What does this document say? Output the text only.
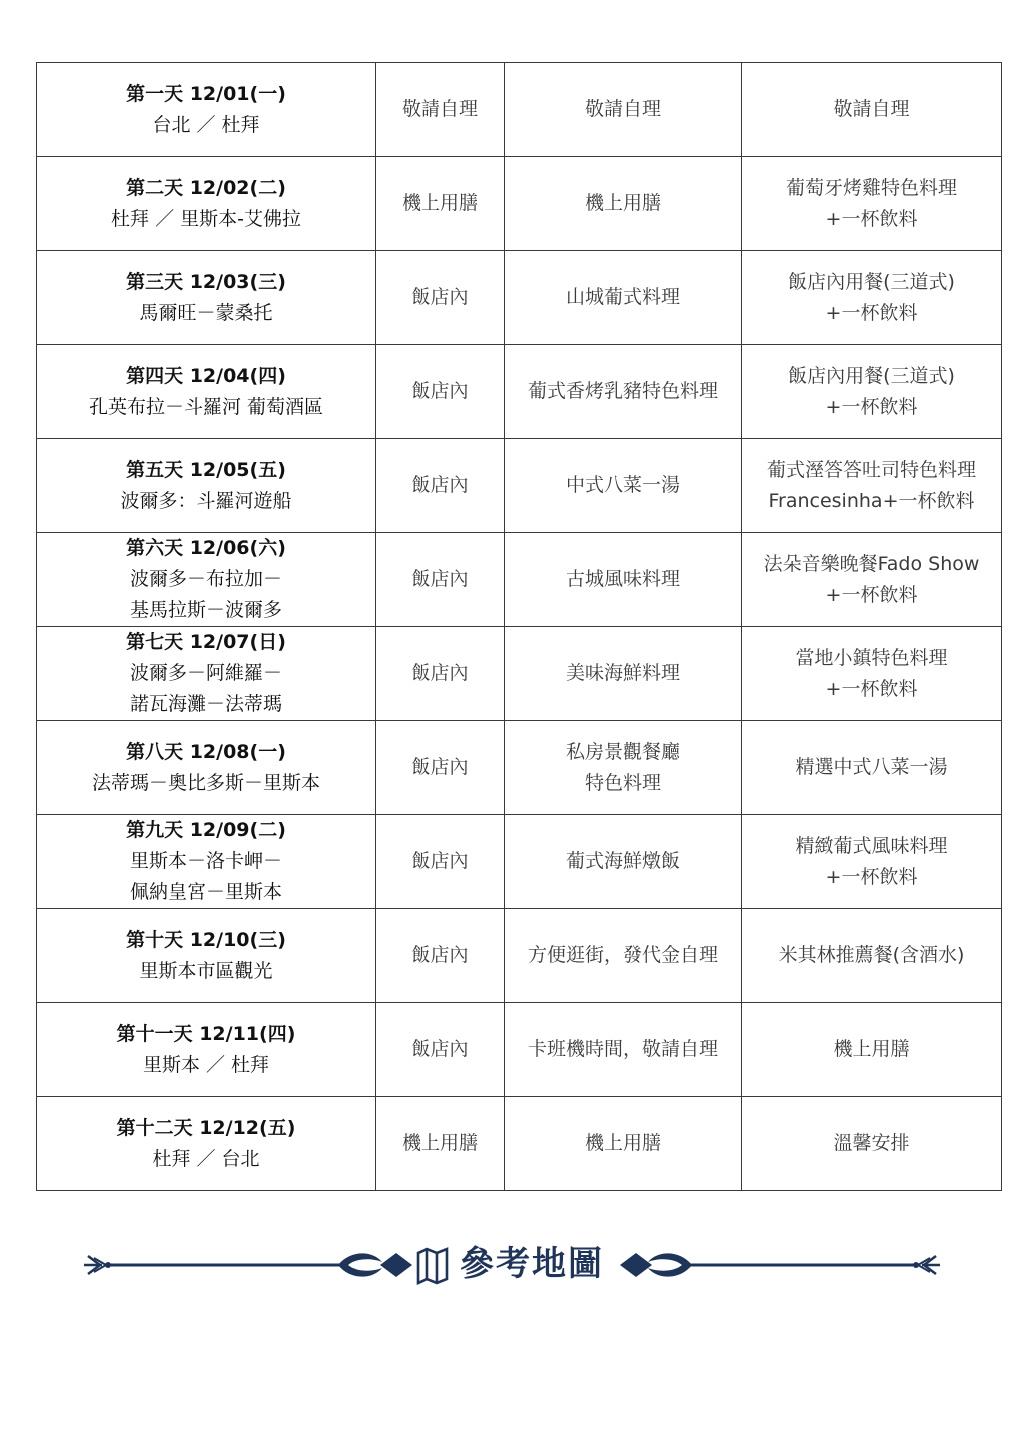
第一天 12/01(一)
台北 ／ 杜拜	敬請自理	敬請自理	敬請自理

第二天 12/02(二)
杜拜 ／ 里斯本-艾佛拉	機上用膳	機上用膳	葡萄牙烤雞特色料理
+一杯飲料

第三天 12/03(三)
馬爾旺－蒙桑托	飯店內	山城葡式料理	飯店內用餐(三道式)
+一杯飲料

第四天 12/04(四)
孔英布拉－斗羅河 葡萄酒區	飯店內	葡式香烤乳豬特色料理	飯店內用餐(三道式)
+一杯飲料

第五天 12/05(五)
波爾多：斗羅河遊船	飯店內	中式八菜一湯	葡式溼答答吐司特色料理
Francesinha+一杯飲料

第六天 12/06(六)
波爾多－布拉加－
基馬拉斯－波爾多	飯店內	古城風味料理	法朵音樂晚餐Fado Show
+一杯飲料

第七天 12/07(日)
波爾多－阿維羅－
諾瓦海灘－法蒂瑪	飯店內	美味海鮮料理	當地小鎮特色料理
+一杯飲料

第八天 12/08(一)
法蒂瑪－奧比多斯－里斯本	飯店內	私房景觀餐廳
特色料理	精選中式八菜一湯

第九天 12/09(二)
里斯本－洛卡岬－
佩納皇宮－里斯本	飯店內	葡式海鮮燉飯	精緻葡式風味料理
+一杯飲料

第十天 12/10(三)
里斯本市區觀光	飯店內	方便逛街，發代金自理	米其林推薦餐(含酒水)

第十一天 12/11(四)
里斯本 ／ 杜拜	飯店內	卡班機時間，敬請自理	機上用膳

第十二天 12/12(五)
杜拜 ／ 台北	機上用膳	機上用膳	溫馨安排
參考地圖
